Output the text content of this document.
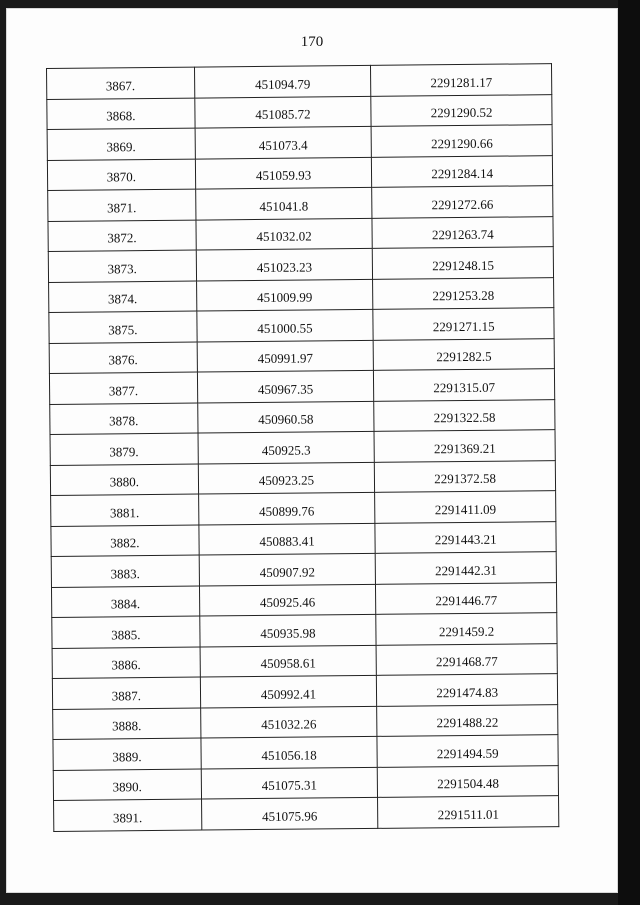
170
3867.	451094.79	2291281.17
3868.	451085.72	2291290.52
3869.	451073.4	2291290.66
3870.	451059.93	2291284.14
3871.	451041.8	2291272.66
3872.	451032.02	2291263.74
3873.	451023.23	2291248.15
3874.	451009.99	2291253.28
3875.	451000.55	2291271.15
3876.	450991.97	2291282.5
3877.	450967.35	2291315.07
3878.	450960.58	2291322.58
3879.	450925.3	2291369.21
3880.	450923.25	2291372.58
3881.	450899.76	2291411.09
3882.	450883.41	2291443.21
3883.	450907.92	2291442.31
3884.	450925.46	2291446.77
3885.	450935.98	2291459.2
3886.	450958.61	2291468.77
3887.	450992.41	2291474.83
3888.	451032.26	2291488.22
3889.	451056.18	2291494.59
3890.	451075.31	2291504.48
3891.	451075.96	2291511.01
